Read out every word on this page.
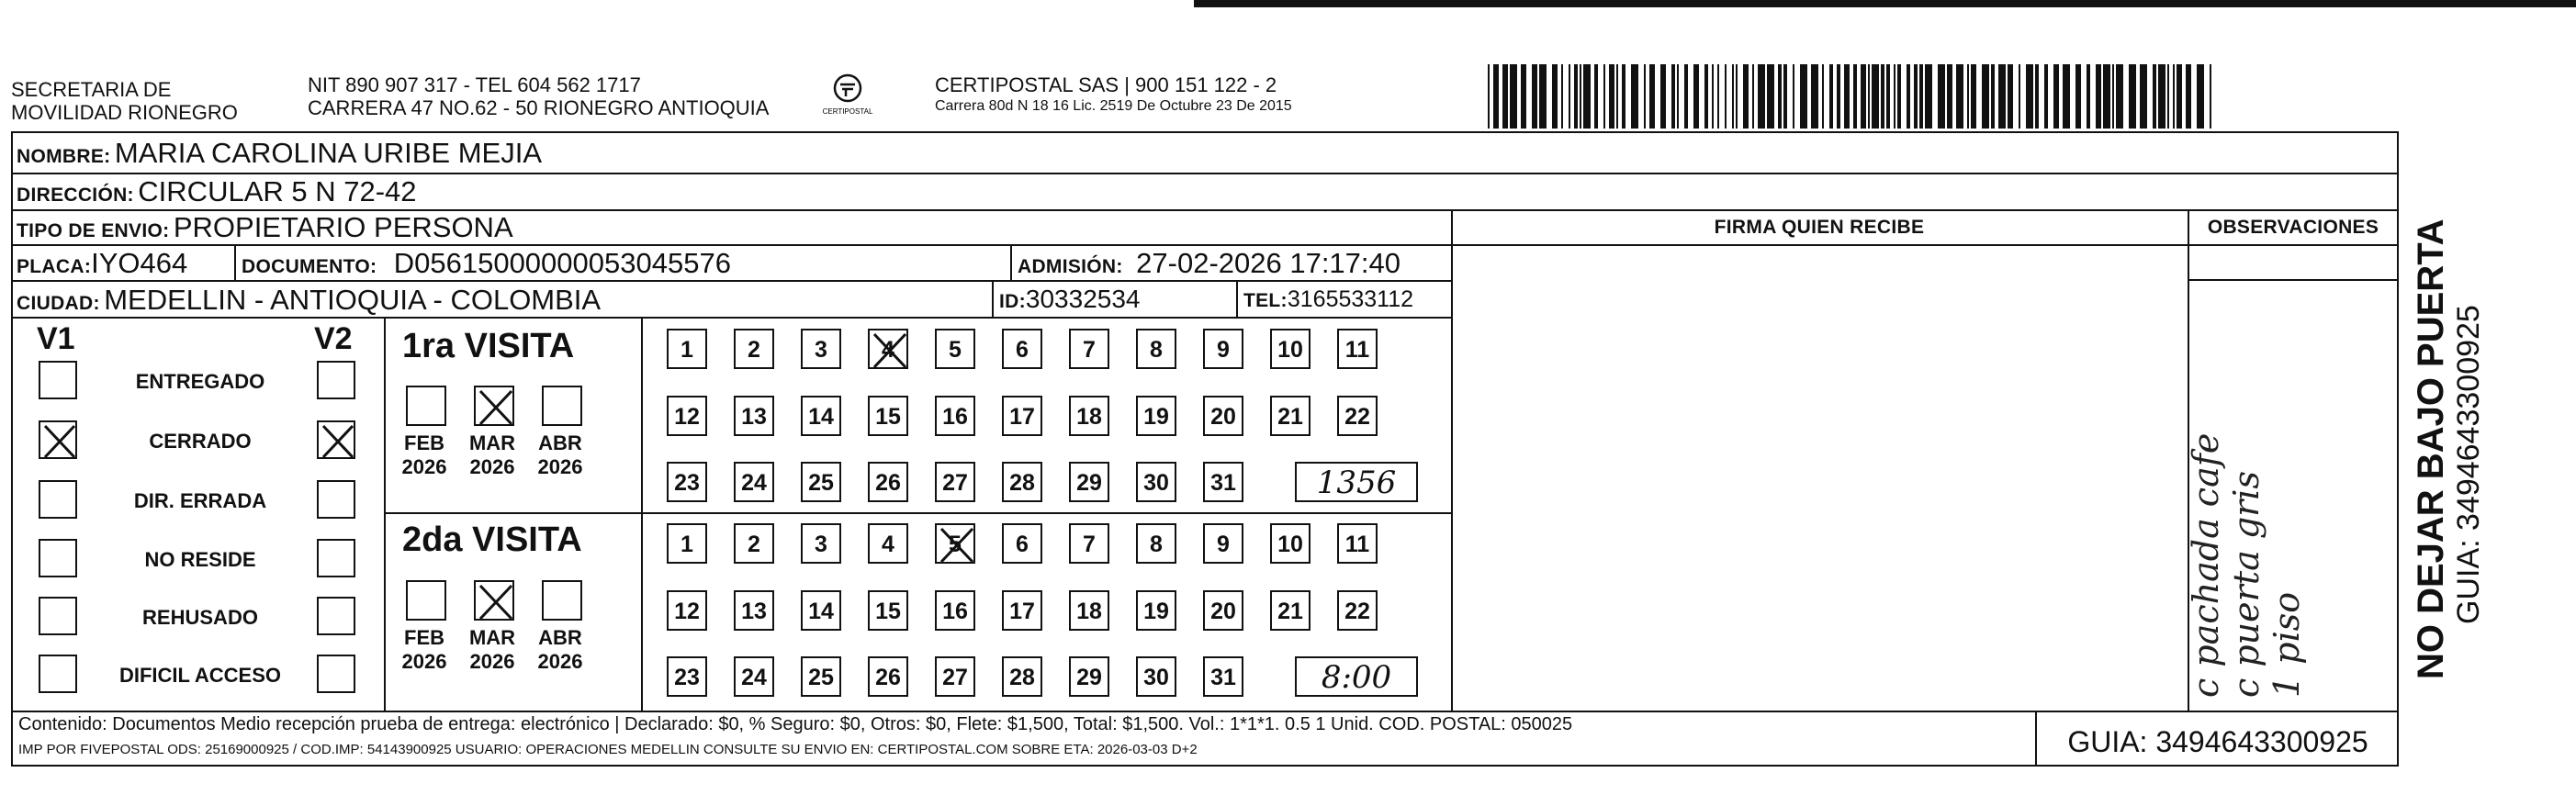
SECRETARIA DE
MOVILIDAD RIONEGRO
NIT 890 907 317 - TEL 604 562 1717
CARRERA 47 NO.62 - 50 RIONEGRO ANTIOQUIA	CERTIPOSTAL
CERTIPOSTAL SAS | 900 151 122 - 2
Carrera 80d N 18 16 Lic. 2519 De Octubre 23 De 2015
NOMBRE: MARIA CAROLINA URIBE MEJIA
DIRECCIÓN: CIRCULAR 5 N 72-42
TIPO DE ENVIO: PROPIETARIO PERSONA	FIRMA QUIEN RECIBE	OBSERVACIONES
PLACA:IYO464	DOCUMENTO: D05615000000053045576	ADMISIÓN: 27-02-2026 17:17:40
CIUDAD: MEDELLIN - ANTIOQUIA - COLOMBIA	ID:30332534	TEL:3165533112
V1	V2
ENTREGADO
CERRADO
DIR. ERRADA
NO RESIDE
REHUSADO
DIFICIL ACCESO
1ra VISITA
FEB
2026
MAR
2026
ABR
2026
1	2	3	4	5	6	7	8	9	10	11
12	13	14	15	16	17	18	19	20	21	22
23	24	25	26	27	28	29	30	31	1356
2da VISITA
FEB
2026
MAR
2026
ABR
2026
1	2	3	4	5	6	7	8	9	10	11
12	13	14	15	16	17	18	19	20	21	22
23	24	25	26	27	28	29	30	31	8:00	c pachada cafe c puerta gris 1 piso
Contenido: Documentos Medio recepción prueba de entrega: electrónico | Declarado: $0, % Seguro: $0, Otros: $0, Flete: $1,500, Total: $1,500. Vol.: 1*1*1. 0.5 1 Unid. COD. POSTAL: 050025
IMP POR FIVEPOSTAL ODS: 25169000925 / COD.IMP: 54143900925 USUARIO: OPERACIONES MEDELLIN CONSULTE SU ENVIO EN: CERTIPOSTAL.COM SOBRE ETA: 2026-03-03 D+2	GUIA: 3494643300925
NO DEJAR BAJO PUERTA GUIA: 3494643300925
